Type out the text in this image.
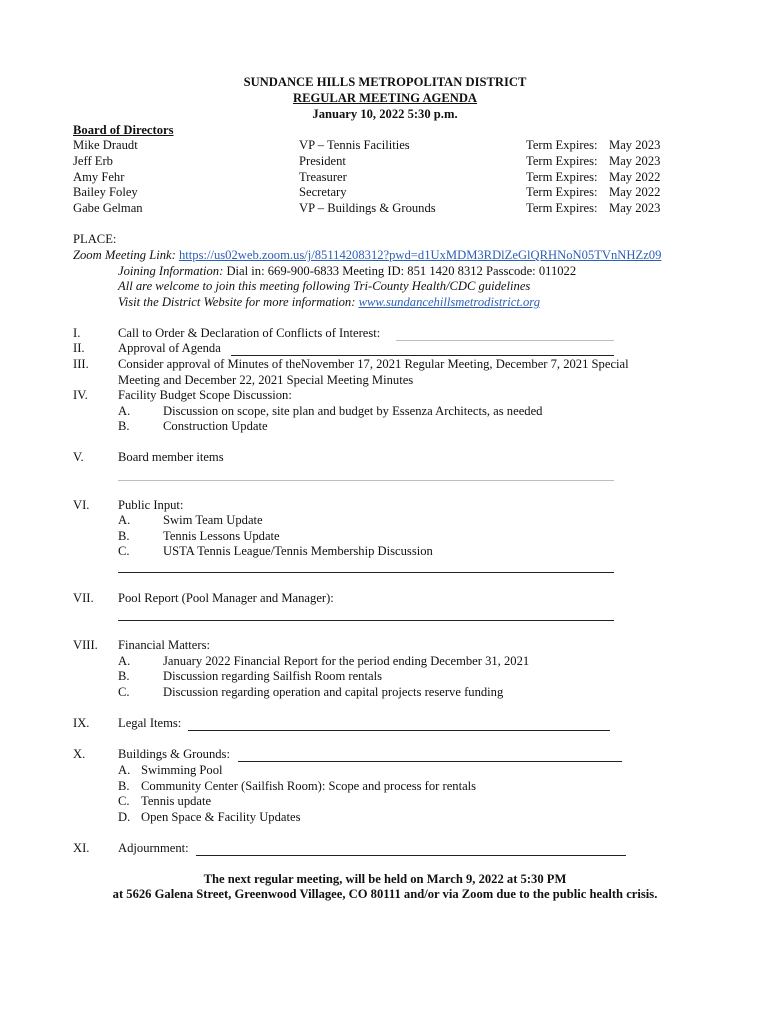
SUNDANCE HILLS METROPOLITAN DISTRICT
REGULAR MEETING AGENDA
January 10, 2022 5:30 p.m.
Board of Directors
Mike Draudt	VP – Tennis Facilities	Term Expires: May 2023
Jeff Erb	President	Term Expires: May 2023
Amy Fehr	Treasurer	Term Expires: May 2022
Bailey Foley	Secretary	Term Expires: May 2022
Gabe Gelman	VP – Buildings & Grounds	Term Expires: May 2023
PLACE:
Zoom Meeting Link: https://us02web.zoom.us/j/85114208312?pwd=d1UxMDM3RDlZeGlQRHNoN05TVnNHZz09
Joining Information: Dial in: 669-900-6833 Meeting ID: 851 1420 8312 Passcode: 011022
All are welcome to join this meeting following Tri-County Health/CDC guidelines
Visit the District Website for more information: www.sundancehillsmetrodistrict.org
I.	Call to Order & Declaration of Conflicts of Interest:
II.	Approval of Agenda
III. Consider approval of Minutes of theNovember 17, 2021 Regular Meeting, December 7, 2021 Special
Meeting and December 22, 2021 Special Meeting Minutes
IV. Facility Budget Scope Discussion:
A.	Discussion on scope, site plan and budget by Essenza Architects, as needed
B.	Construction Update
V.	Board member items
VI. Public Input:
A.	Swim Team Update
B.	Tennis Lessons Update
C.	USTA Tennis League/Tennis Membership Discussion
VII. Pool Report (Pool Manager and Manager):
VIII. Financial Matters:
A.	January 2022 Financial Report for the period ending December 31, 2021
B.	Discussion regarding Sailfish Room rentals
C.	Discussion regarding operation and capital projects reserve funding
IX. Legal Items:
X.	Buildings & Grounds:
A. Swimming Pool
B. Community Center (Sailfish Room): Scope and process for rentals
C. Tennis update
D. Open Space & Facility Updates
XI. Adjournment:
The next regular meeting, will be held on March 9, 2022 at 5:30 PM
at 5626 Galena Street, Greenwood Villagee, CO 80111 and/or via Zoom due to the public health crisis.
